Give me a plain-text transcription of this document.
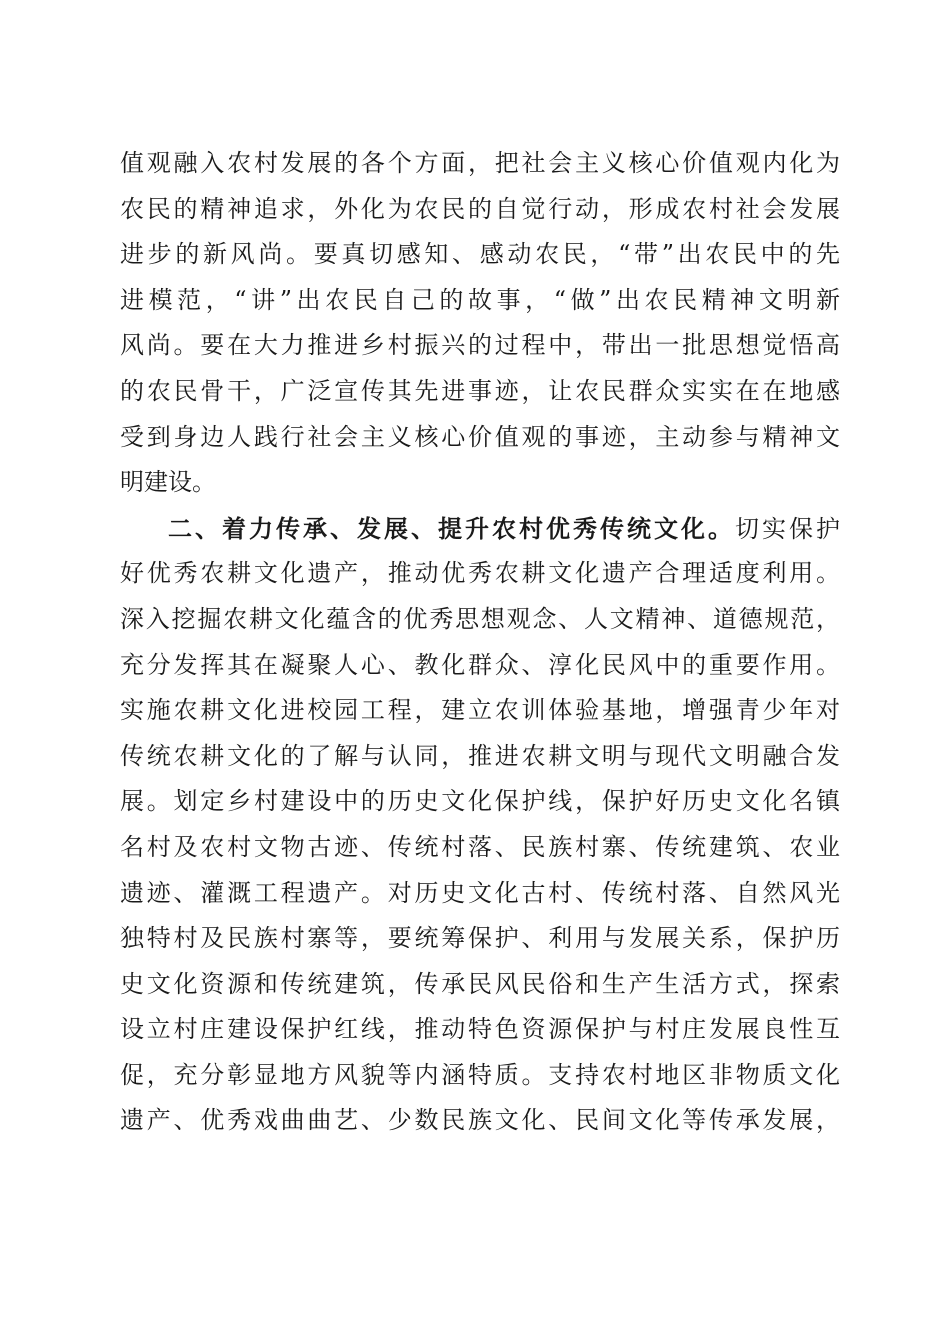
值观融入农村发展的各个方面，把社会主义核心价值观内化为
农民的精神追求，外化为农民的自觉行动，形成农村社会发展
进步的新风尚。要真切感知、感动农民，“带”出农民中的先
进模范，“讲”出农民自己的故事，“做”出农民精神文明新
风尚。要在大力推进乡村振兴的过程中，带出一批思想觉悟高
的农民骨干，广泛宣传其先进事迹，让农民群众实实在在地感
受到身边人践行社会主义核心价值观的事迹，主动参与精神文
明建设。
二、着力传承、发展、提升农村优秀传统文化。切实保护
好优秀农耕文化遗产，推动优秀农耕文化遗产合理适度利用。
深入挖掘农耕文化蕴含的优秀思想观念、人文精神、道德规范，
充分发挥其在凝聚人心、教化群众、淳化民风中的重要作用。
实施农耕文化进校园工程，建立农训体验基地，增强青少年对
传统农耕文化的了解与认同，推进农耕文明与现代文明融合发
展。划定乡村建设中的历史文化保护线，保护好历史文化名镇
名村及农村文物古迹、传统村落、民族村寨、传统建筑、农业
遗迹、灌溉工程遗产。对历史文化古村、传统村落、自然风光
独特村及民族村寨等，要统筹保护、利用与发展关系，保护历
史文化资源和传统建筑，传承民风民俗和生产生活方式，探索
设立村庄建设保护红线，推动特色资源保护与村庄发展良性互
促，充分彰显地方风貌等内涵特质。支持农村地区非物质文化
遗产、优秀戏曲曲艺、少数民族文化、民间文化等传承发展，
